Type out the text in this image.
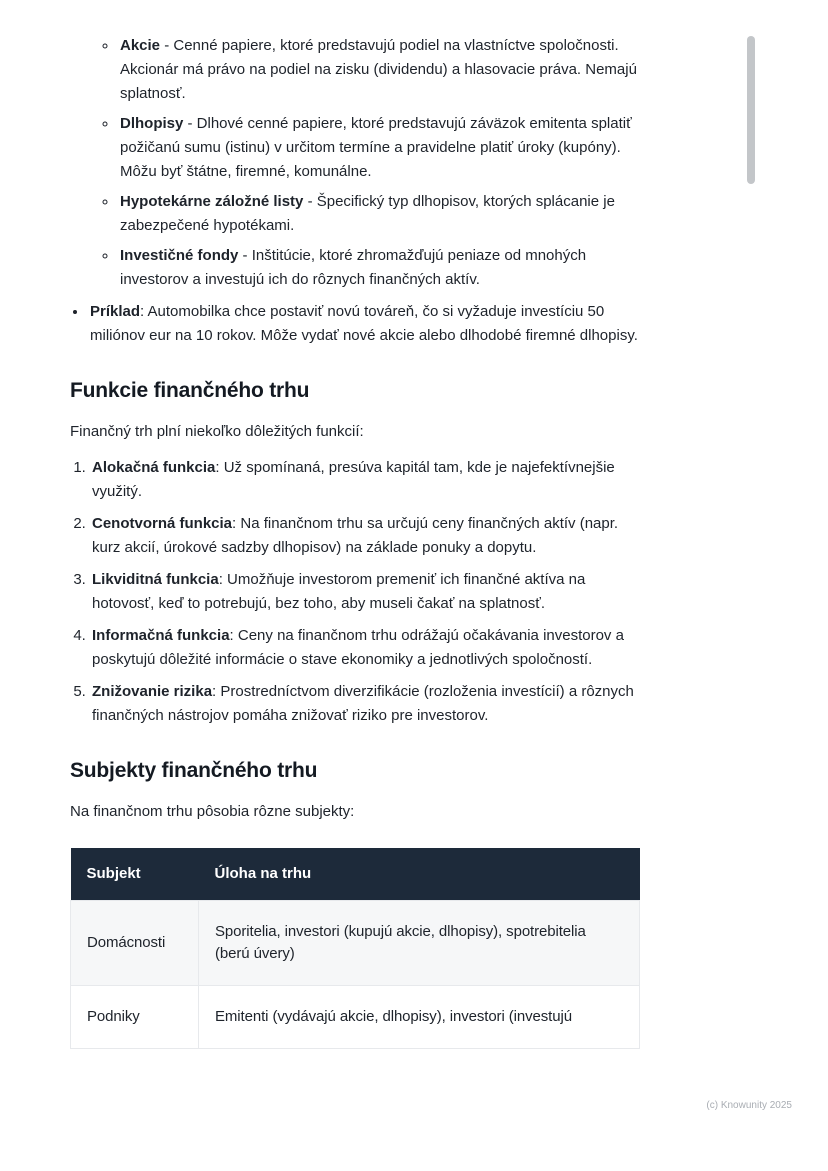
◦ Akcie - Cenné papiere, ktoré predstavujú podiel na vlastníctve spoločnosti. Akcionár má právo na podiel na zisku (dividendu) a hlasovacie práva. Nemajú splatnosť.
◦ Dlhopisy - Dlhové cenné papiere, ktoré predstavujú záväzok emitenta splatiť požičanú sumu (istinu) v určitom termíne a pravidelne platiť úroky (kupóny). Môžu byť štátne, firemné, komunálne.
◦ Hypotekárne záložné listy - Špecifický typ dlhopisov, ktorých splácanie je zabezpečené hypotékami.
◦ Investičné fondy - Inštitúcie, ktoré zhromažďujú peniaze od mnohých investorov a investujú ich do rôznych finančných aktív.
• Príklad: Automobilka chce postaviť novú továreň, čo si vyžaduje investíciu 50 miliónov eur na 10 rokov. Môže vydať nové akcie alebo dlhodobé firemné dlhopisy.
Funkcie finančného trhu

Finančný trh plní niekoľko dôležitých funkcií:

1. Alokačná funkcia: Už spomínaná, presúva kapitál tam, kde je najefektívnejšie využitý.
2. Cenotvorná funkcia: Na finančnom trhu sa určujú ceny finančných aktív (napr. kurz akcií, úrokové sadzby dlhopisov) na základe ponuky a dopytu.
3. Likviditná funkcia: Umožňuje investorom premeniť ich finančné aktíva na hotovosť, keď to potrebujú, bez toho, aby museli čakať na splatnosť.
4. Informačná funkcia: Ceny na finančnom trhu odrážajú očakávania investorov a poskytujú dôležité informácie o stave ekonomiky a jednotlivých spoločností.
5. Znižovanie rizika: Prostredníctvom diverzifikácie (rozloženia investícií) a rôznych finančných nástrojov pomáha znižovať riziko pre investorov.
Subjekty finančného trhu

Na finančnom trhu pôsobia rôzne subjekty:

Subjekt	Úloha na trhu
Domácnosti	Sporitelia, investori (kupujú akcie, dlhopisy), spotrebitelia (berú úvery)
Podniky	Emitenti (vydávajú akcie, dlhopisy), investori (investujú
(c) Knowunity 2025
